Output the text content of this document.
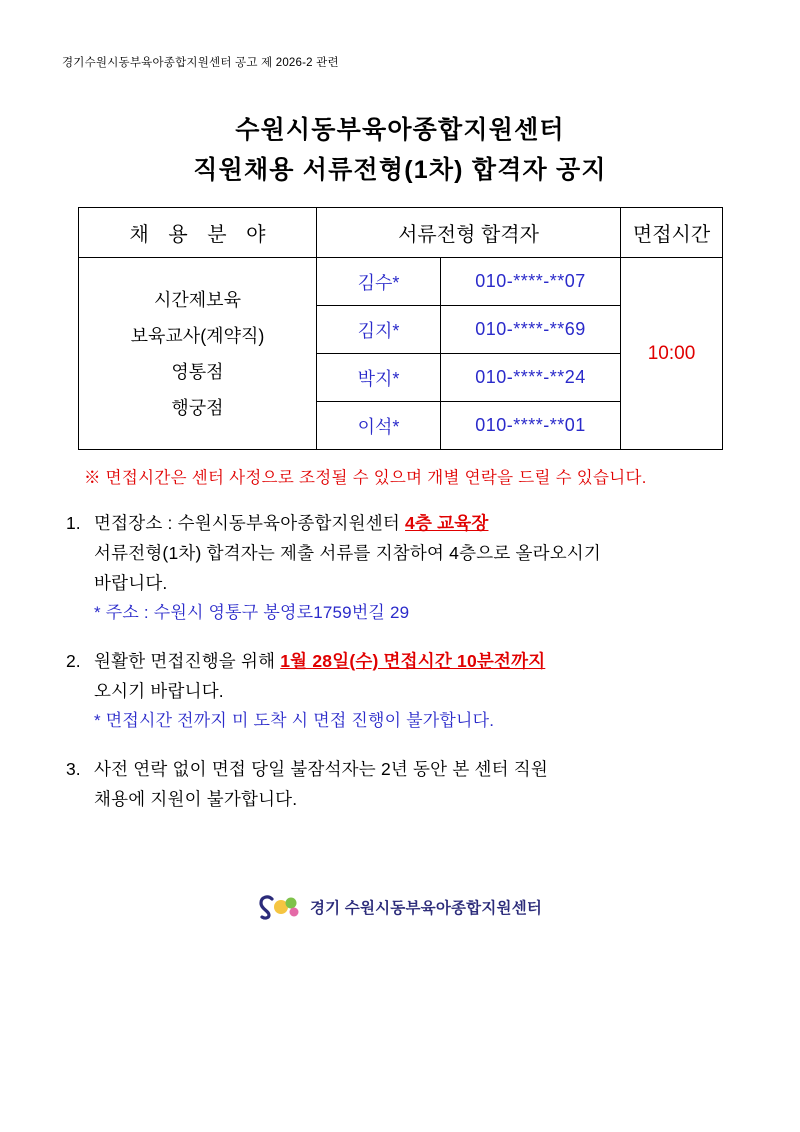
경기수원시동부육아종합지원센터 공고 제 2026-2 관련
수원시동부육아종합지원센터
직원채용 서류전형(1차) 합격자 공지
채 용 분 야	서류전형 합격자		면접시간

시간제보육
보육교사(계약직)
영통점
행궁점	김수*	010-****-**07	10:00
	김지*	010-****-**69	
	박지*	010-****-**24	
	이석*	010-****-**01	
※ 면접시간은 센터 사정으로 조정될 수 있으며 개별 연락을 드릴 수 있습니다.
1. 면접장소 : 수원시동부육아종합지원센터 4층 교육장
서류전형(1차) 합격자는 제출 서류를 지참하여 4층으로 올라오시기
바랍니다.
* 주소 : 수원시 영통구 봉영로1759번길 29
2. 원활한 면접진행을 위해 1월 28일(수) 면접시간 10분전까지
오시기 바랍니다.
* 면접시간 전까지 미 도착 시 면접 진행이 불가합니다.
3. 사전 연락 없이 면접 당일 불잠석자는 2년 동안 본 센터 직원
채용에 지원이 불가합니다.
경기 수원시동부육아종합지원센터
